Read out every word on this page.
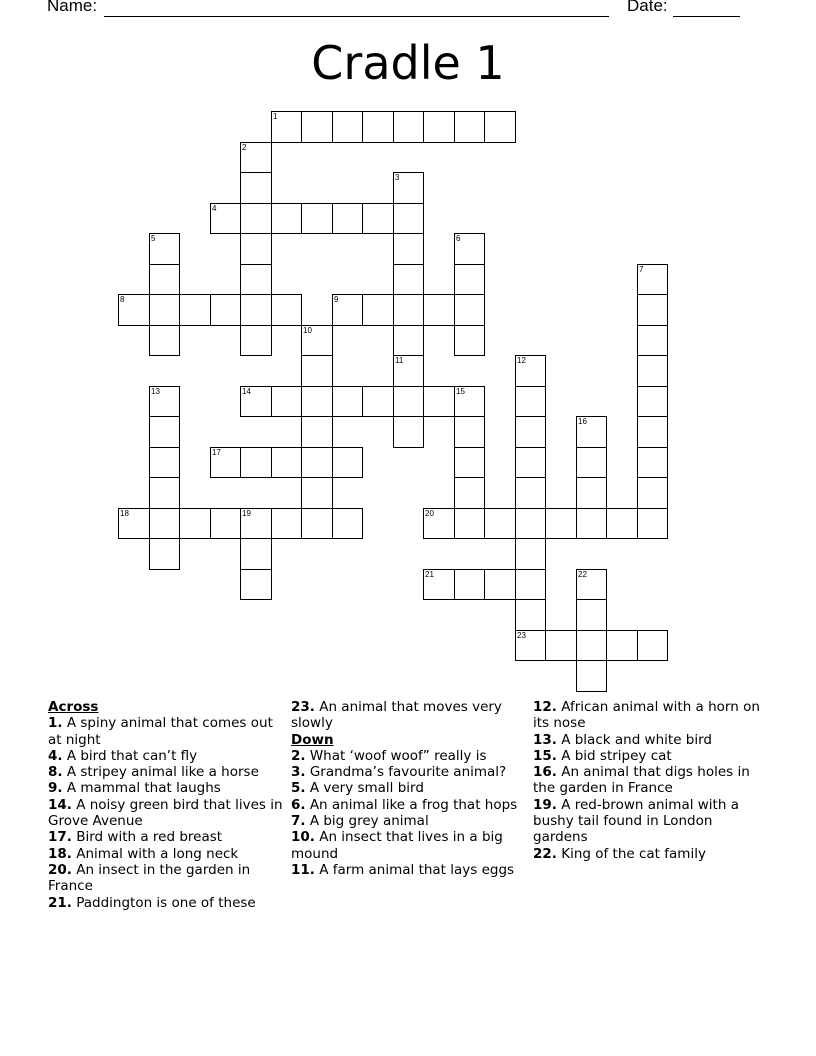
Name:	Date:
Cradle 1
1
4
8	9
14	15
17
18	19	20
21
23
2
3
11
5	6
7
10
12
13
16
22
Across
1. A spiny animal that comes out at night
4. A bird that can’t fly
8. A stripey animal like a horse
9. A mammal that laughs
14. A noisy green bird that lives in Grove Avenue
17. Bird with a red breast
18. Animal with a long neck
20. An insect in the garden in France
21. Paddington is one of these
23. An animal that moves very slowly
Down
2. What ‘woof woof” really is
3. Grandma’s favourite animal?
5. A very small bird
6. An animal like a frog that hops
7. A big grey animal
10. An insect that lives in a big mound
11. A farm animal that lays eggs
12. African animal with a horn on its nose
13. A black and white bird
15. A bid stripey cat
16. An animal that digs holes in the garden in France
19. A red-brown animal with a bushy tail found in London gardens
22. King of the cat family
